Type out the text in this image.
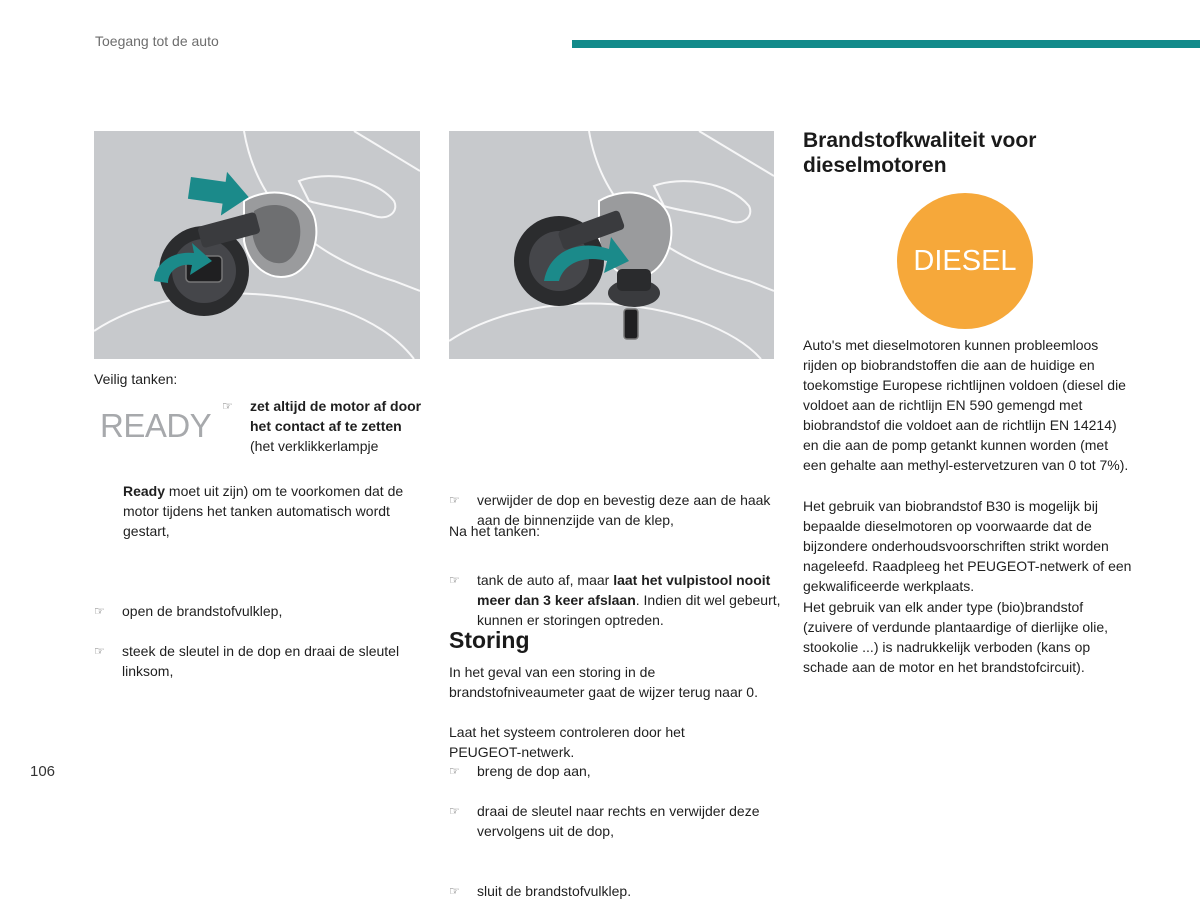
Toegang tot de auto
Veilig tanken:
READY
☞ zet altijd de motor af door het contact af te zetten (het verklikkerlampje
Ready moet uit zijn) om te voorkomen dat de motor tijdens het tanken automatisch wordt gestart,
☞ open de brandstofvulklep,
☞ steek de sleutel in de dop en draai de sleutel linksom,
☞ verwijder de dop en bevestig deze aan de haak aan de binnenzijde van de klep,
☞ tank de auto af, maar laat het vulpistool nooit meer dan 3 keer afslaan. Indien dit wel gebeurt, kunnen er storingen optreden.
Na het tanken:
☞ breng de dop aan,
☞ draai de sleutel naar rechts en verwijder deze vervolgens uit de dop,
☞ sluit de brandstofvulklep.
Storing
In het geval van een storing in de brandstofniveaumeter gaat de wijzer terug naar 0.
Laat het systeem controleren door het PEUGEOT-netwerk.
Brandstofkwaliteit voor dieselmotoren
DIESEL
Auto's met dieselmotoren kunnen probleemloos rijden op biobrandstoffen die aan de huidige en toekomstige Europese richtlijnen voldoen (diesel die voldoet aan de richtlijn EN 590 gemengd met biobrandstof die voldoet aan de richtlijn EN 14214) en die aan de pomp getankt kunnen worden (met een gehalte aan methyl-estervetzuren van 0 tot 7%).
Het gebruik van biobrandstof B30 is mogelijk bij bepaalde dieselmotoren op voorwaarde dat de bijzondere onderhoudsvoorschriften strikt worden nageleefd. Raadpleeg het PEUGEOT-netwerk of een gekwalificeerde werkplaats.
Het gebruik van elk ander type (bio)brandstof (zuivere of verdunde plantaardige of dierlijke olie, stookolie ...) is nadrukkelijk verboden (kans op schade aan de motor en het brandstofcircuit).
106
